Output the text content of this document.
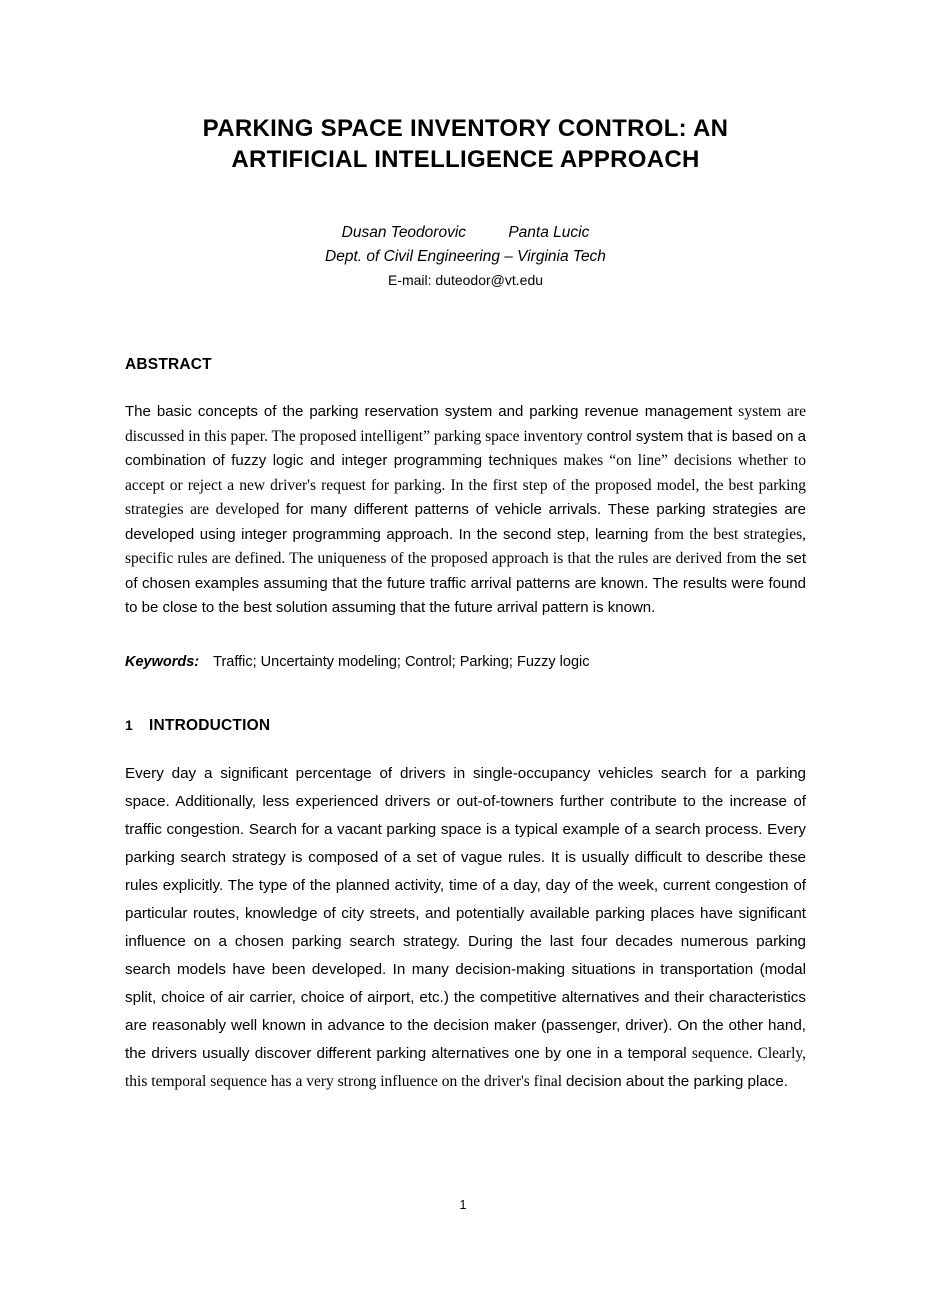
PARKING SPACE INVENTORY CONTROL: AN
ARTIFICIAL INTELLIGENCE APPROACH
Dusan Teodorovic	Panta Lucic
Dept. of Civil Engineering – Virginia Tech
E-mail: duteodor@vt.edu
ABSTRACT

The basic concepts of the parking reservation system and parking revenue management system are discussed in this paper. The proposed intelligent” parking space inventory control system that is based on a combination of fuzzy logic and integer programming techniques makes “on line” decisions whether to accept or reject a new driver's request for parking. In the first step of the proposed model, the best parking strategies are developed for many different patterns of vehicle arrivals. These parking strategies are developed using integer programming approach. In the second step, learning from the best strategies, specific rules are defined. The uniqueness of the proposed approach is that the rules are derived from the set of chosen examples assuming that the future traffic arrival patterns are known. The results were found to be close to the best solution assuming that the future arrival pattern is known.

Keywords: Traffic; Uncertainty modeling; Control; Parking; Fuzzy logic
1 INTRODUCTION

Every day a significant percentage of drivers in single-occupancy vehicles search for a parking space. Additionally, less experienced drivers or out-of-towners further contribute to the increase of traffic congestion. Search for a vacant parking space is a typical example of a search process. Every parking search strategy is composed of a set of vague rules. It is usually difficult to describe these rules explicitly. The type of the planned activity, time of a day, day of the week, current congestion of particular routes, knowledge of city streets, and potentially available parking places have significant influence on a chosen parking search strategy. During the last four decades numerous parking search models have been developed. In many decision-making situations in transportation (modal split, choice of air carrier, choice of airport, etc.) the competitive alternatives and their characteristics are reasonably well known in advance to the decision maker (passenger, driver). On the other hand, the drivers usually discover different parking alternatives one by one in a temporal sequence. Clearly, this temporal sequence has a very strong influence on the driver's final decision about the parking place.

1
